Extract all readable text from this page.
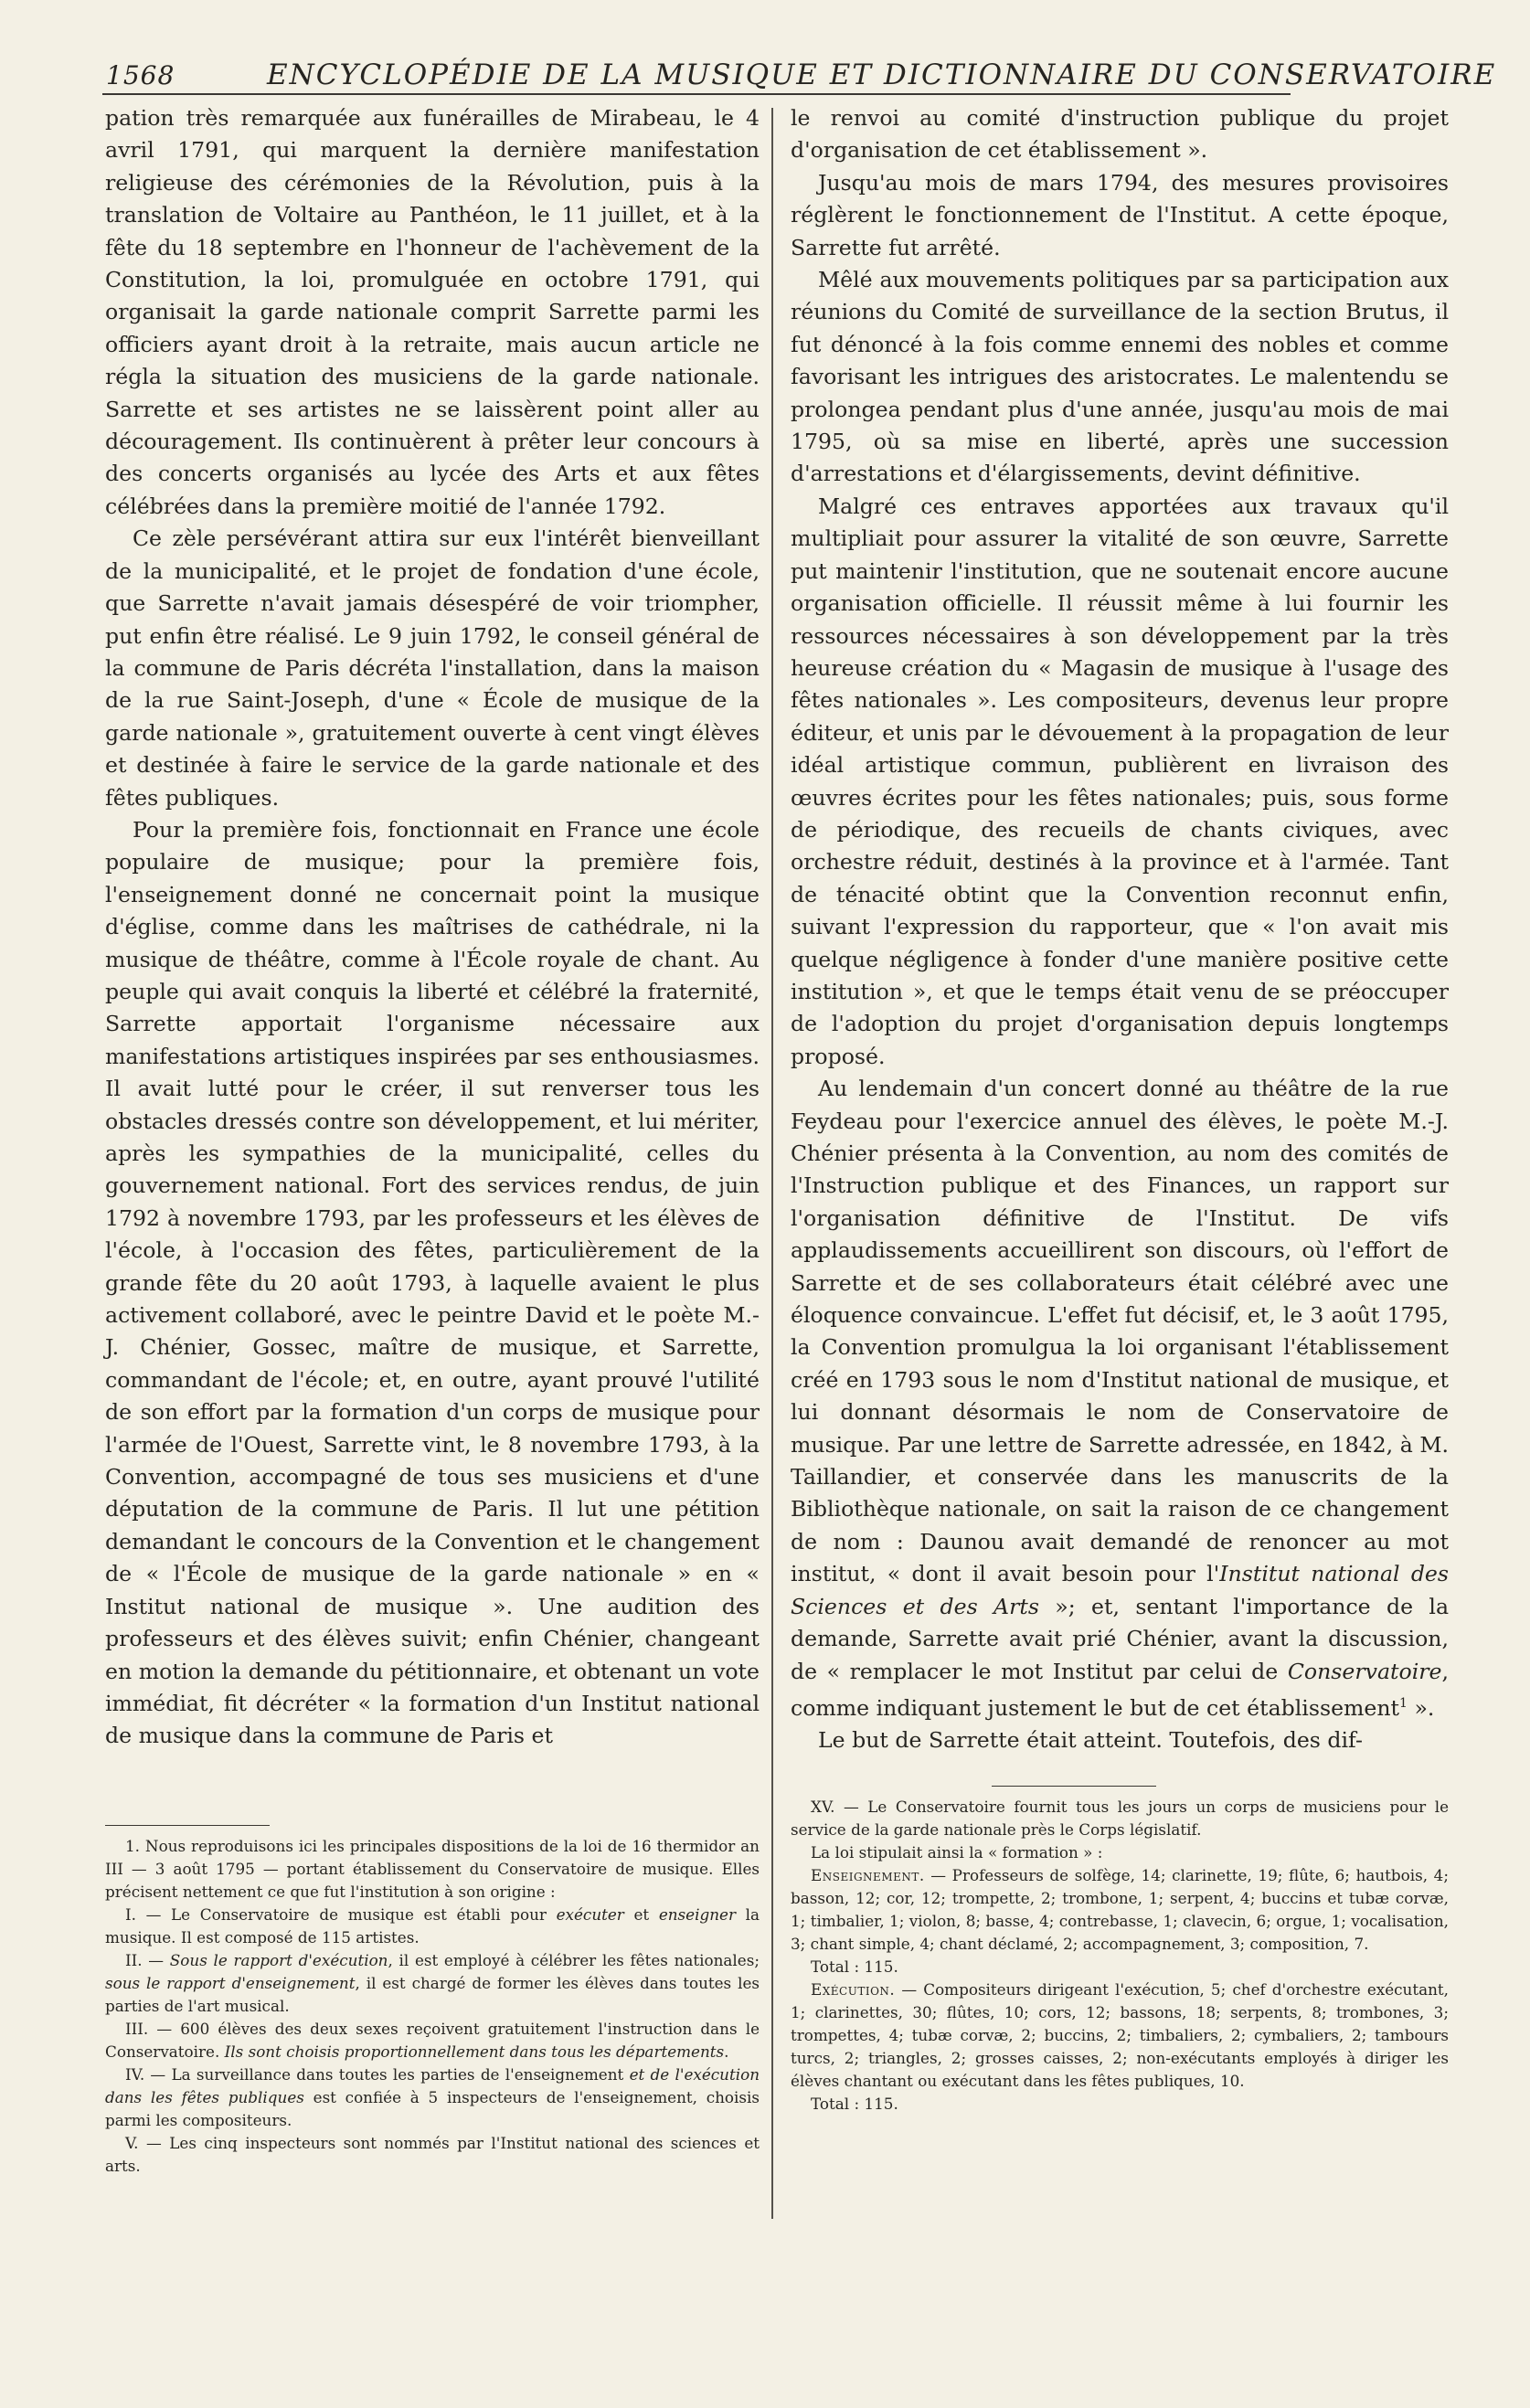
1568	ENCYCLOPÉDIE DE LA MUSIQUE ET DICTIONNAIRE DU CONSERVATOIRE

pation très remarquée aux funérailles de Mirabeau, le 4 avril 1791, qui marquent la dernière manifestation religieuse des cérémonies de la Révolution, puis à la translation de Voltaire au Panthéon, le 11 juillet, et à la fête du 18 septembre en l'honneur de l'achèvement de la Constitution, la loi, promulguée en octobre 1791, qui organisait la garde nationale comprit Sarrette parmi les officiers ayant droit à la retraite, mais aucun article ne régla la situation des musiciens de la garde nationale. Sarrette et ses artistes ne se laissèrent point aller au découragement. Ils continuèrent à prêter leur concours à des concerts organisés au lycée des Arts et aux fêtes célébrées dans la première moitié de l'année 1792.

Ce zèle persévérant attira sur eux l'intérêt bienveillant de la municipalité, et le projet de fondation d'une école, que Sarrette n'avait jamais désespéré de voir triompher, put enfin être réalisé. Le 9 juin 1792, le conseil général de la commune de Paris décréta l'installation, dans la maison de la rue Saint-Joseph, d'une « École de musique de la garde nationale », gratuitement ouverte à cent vingt élèves et destinée à faire le service de la garde nationale et des fêtes publiques.

Pour la première fois, fonctionnait en France une école populaire de musique; pour la première fois, l'enseignement donné ne concernait point la musique d'église, comme dans les maîtrises de cathédrale, ni la musique de théâtre, comme à l'École royale de chant. Au peuple qui avait conquis la liberté et célébré la fraternité, Sarrette apportait l'organisme nécessaire aux manifestations artistiques inspirées par ses enthousiasmes. Il avait lutté pour le créer, il sut renverser tous les obstacles dressés contre son développement, et lui mériter, après les sympathies de la municipalité, celles du gouvernement national. Fort des services rendus, de juin 1792 à novembre 1793, par les professeurs et les élèves de l'école, à l'occasion des fêtes, particulièrement de la grande fête du 20 août 1793, à laquelle avaient le plus activement collaboré, avec le peintre David et le poète M.-J. Chénier, Gossec, maître de musique, et Sarrette, commandant de l'école; et, en outre, ayant prouvé l'utilité de son effort par la formation d'un corps de musique pour l'armée de l'Ouest, Sarrette vint, le 8 novembre 1793, à la Convention, accompagné de tous ses musiciens et d'une députation de la commune de Paris. Il lut une pétition demandant le concours de la Convention et le changement de « l'École de musique de la garde nationale » en « Institut national de musique ». Une audition des professeurs et des élèves suivit; enfin Chénier, changeant en motion la demande du pétitionnaire, et obtenant un vote immédiat, fit décréter « la formation d'un Institut national de musique dans la commune de Paris et

le renvoi au comité d'instruction publique du projet d'organisation de cet établissement ».

Jusqu'au mois de mars 1794, des mesures provisoires réglèrent le fonctionnement de l'Institut. A cette époque, Sarrette fut arrêté.

Mêlé aux mouvements politiques par sa participation aux réunions du Comité de surveillance de la section Brutus, il fut dénoncé à la fois comme ennemi des nobles et comme favorisant les intrigues des aristocrates. Le malentendu se prolongea pendant plus d'une année, jusqu'au mois de mai 1795, où sa mise en liberté, après une succession d'arrestations et d'élargissements, devint définitive.

Malgré ces entraves apportées aux travaux qu'il multipliait pour assurer la vitalité de son œuvre, Sarrette put maintenir l'institution, que ne soutenait encore aucune organisation officielle. Il réussit même à lui fournir les ressources nécessaires à son développement par la très heureuse création du « Magasin de musique à l'usage des fêtes nationales ». Les compositeurs, devenus leur propre éditeur, et unis par le dévouement à la propagation de leur idéal artistique commun, publièrent en livraison des œuvres écrites pour les fêtes nationales; puis, sous forme de périodique, des recueils de chants civiques, avec orchestre réduit, destinés à la province et à l'armée. Tant de ténacité obtint que la Convention reconnut enfin, suivant l'expression du rapporteur, que « l'on avait mis quelque négligence à fonder d'une manière positive cette institution », et que le temps était venu de se préoccuper de l'adoption du projet d'organisation depuis longtemps proposé.

Au lendemain d'un concert donné au théâtre de la rue Feydeau pour l'exercice annuel des élèves, le poète M.-J. Chénier présenta à la Convention, au nom des comités de l'Instruction publique et des Finances, un rapport sur l'organisation définitive de l'Institut. De vifs applaudissements accueillirent son discours, où l'effort de Sarrette et de ses collaborateurs était célébré avec une éloquence convaincue. L'effet fut décisif, et, le 3 août 1795, la Convention promulgua la loi organisant l'établissement créé en 1793 sous le nom d'Institut national de musique, et lui donnant désormais le nom de Conservatoire de musique. Par une lettre de Sarrette adressée, en 1842, à M. Taillandier, et conservée dans les manuscrits de la Bibliothèque nationale, on sait la raison de ce changement de nom : Daunou avait demandé de renoncer au mot institut, « dont il avait besoin pour l'Institut national des Sciences et des Arts »; et, sentant l'importance de la demande, Sarrette avait prié Chénier, avant la discussion, de « remplacer le mot Institut par celui de Conservatoire, comme indiquant justement le but de cet établissement$^1$ ».

Le but de Sarrette était atteint. Toutefois, des dif-

1. Nous reproduisons ici les principales dispositions de la loi de 16 thermidor an III — 3 août 1795 — portant établissement du Conservatoire de musique. Elles précisent nettement ce que fut l'institution à son origine :

I. — Le Conservatoire de musique est établi pour exécuter et enseigner la musique. Il est composé de 115 artistes.

II. — Sous le rapport d'exécution, il est employé à célébrer les fêtes nationales; sous le rapport d'enseignement, il est chargé de former les élèves dans toutes les parties de l'art musical.

III. — 600 élèves des deux sexes reçoivent gratuitement l'instruction dans le Conservatoire. Ils sont choisis proportionnellement dans tous les départements.

IV. — La surveillance dans toutes les parties de l'enseignement et de l'exécution dans les fêtes publiques est confiée à 5 inspecteurs de l'enseignement, choisis parmi les compositeurs.

V. — Les cinq inspecteurs sont nommés par l'Institut national des sciences et arts.

XV. — Le Conservatoire fournit tous les jours un corps de musiciens pour le service de la garde nationale près le Corps législatif.

La loi stipulait ainsi la « formation » :

Enseignement. — Professeurs de solfège, 14; clarinette, 19; flûte, 6; hautbois, 4; basson, 12; cor, 12; trompette, 2; trombone, 1; serpent, 4; buccins et tubæ corvæ, 1; timbalier, 1; violon, 8; basse, 4; contrebasse, 1; clavecin, 6; orgue, 1; vocalisation, 3; chant simple, 4; chant déclamé, 2; accompagnement, 3; composition, 7.

Total : 115.

Exécution. — Compositeurs dirigeant l'exécution, 5; chef d'orchestre exécutant, 1; clarinettes, 30; flûtes, 10; cors, 12; bassons, 18; serpents, 8; trombones, 3; trompettes, 4; tubæ corvæ, 2; buccins, 2; timbaliers, 2; cymbaliers, 2; tambours turcs, 2; triangles, 2; grosses caisses, 2; non-exécutants employés à diriger les élèves chantant ou exécutant dans les fêtes publiques, 10.

Total : 115.
